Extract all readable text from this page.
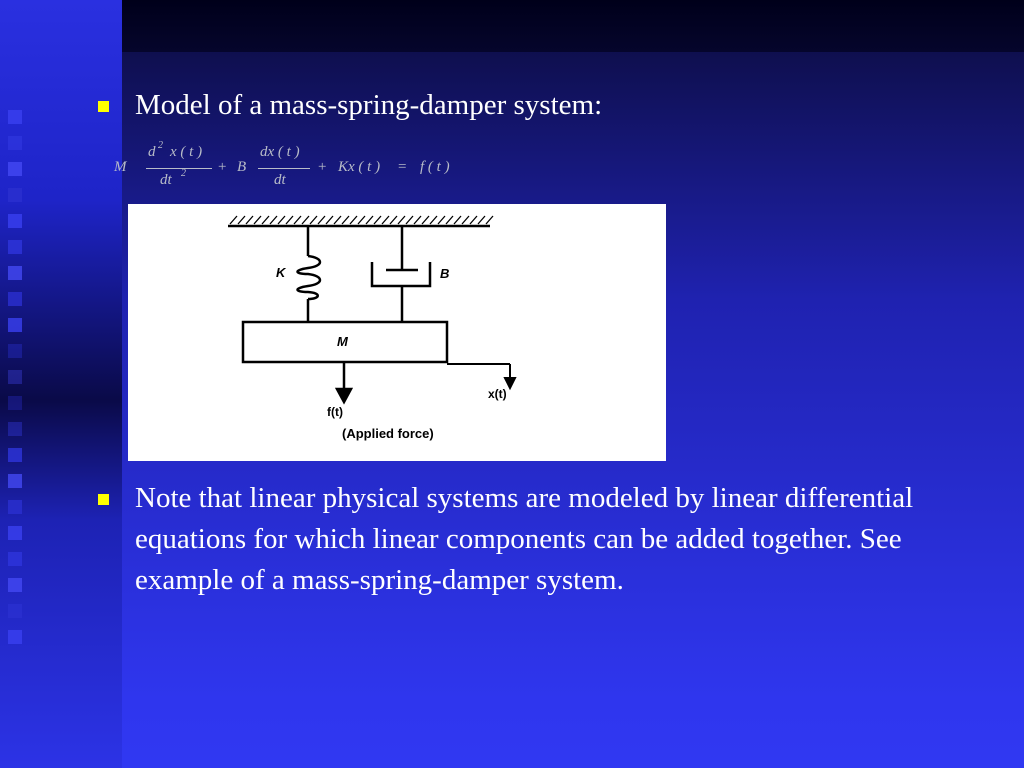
Model of a mass-spring-damper system:
M
d 2 x ( t )
dt 2 + B
dx ( t )
dt
+ Kx ( t ) = f ( t )
K	B
M
f(t)
(Applied force)
x(t)
Note that linear physical systems are modeled by linear differential equations for which linear components can be added together. See example of a mass-spring-damper system.
